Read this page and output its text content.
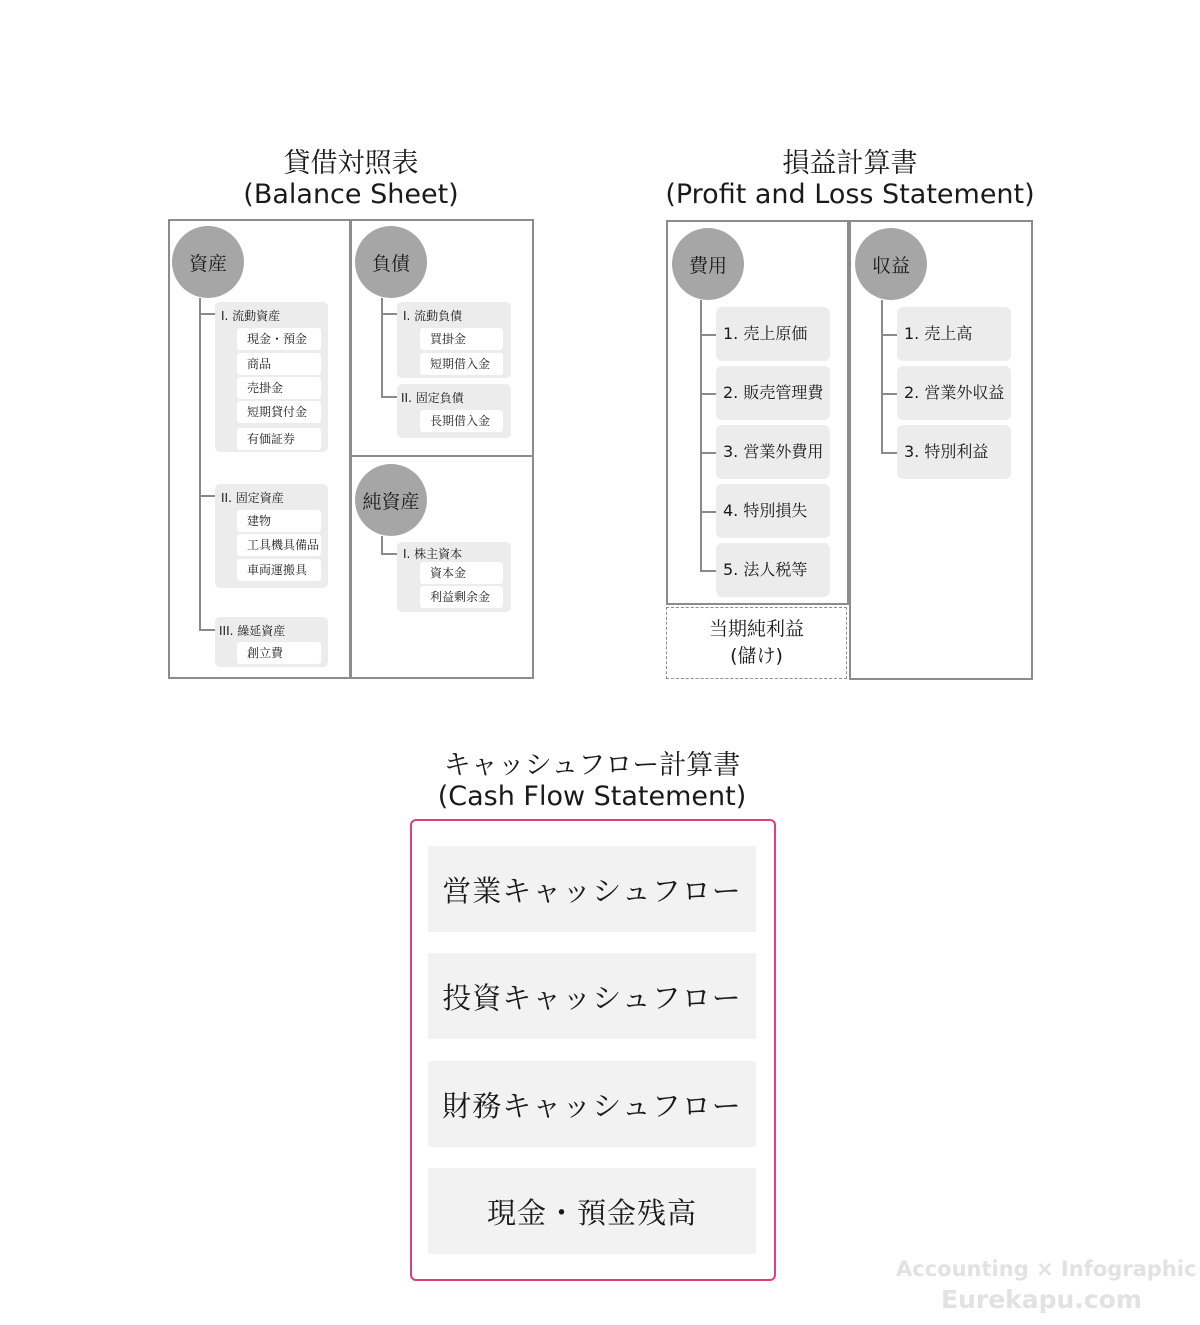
貸借対照表
(Balance Sheet)
資産
I. 流動資産
現金・預金
商品
売掛金
短期貸付金
有価証券
II. 固定資産
建物
工具機具備品
車両運搬具
III. 繰延資産
創立費
負債
I. 流動負債
買掛金
短期借入金
II. 固定負債
長期借入金
純資産
I. 株主資本
資本金
利益剰余金
損益計算書
(Profit and Loss Statement)
費用
1. 売上原価
2. 販売管理費
3. 営業外費用
4. 特別損失
5. 法人税等
当期純利益
(儲け)
収益
1. 売上高
2. 営業外収益
3. 特別利益
キャッシュフロー計算書
(Cash Flow Statement)
営業キャッシュフロー
投資キャッシュフロー
財務キャッシュフロー
現金・預金残高
Accounting × Infographic
Eurekapu.com
